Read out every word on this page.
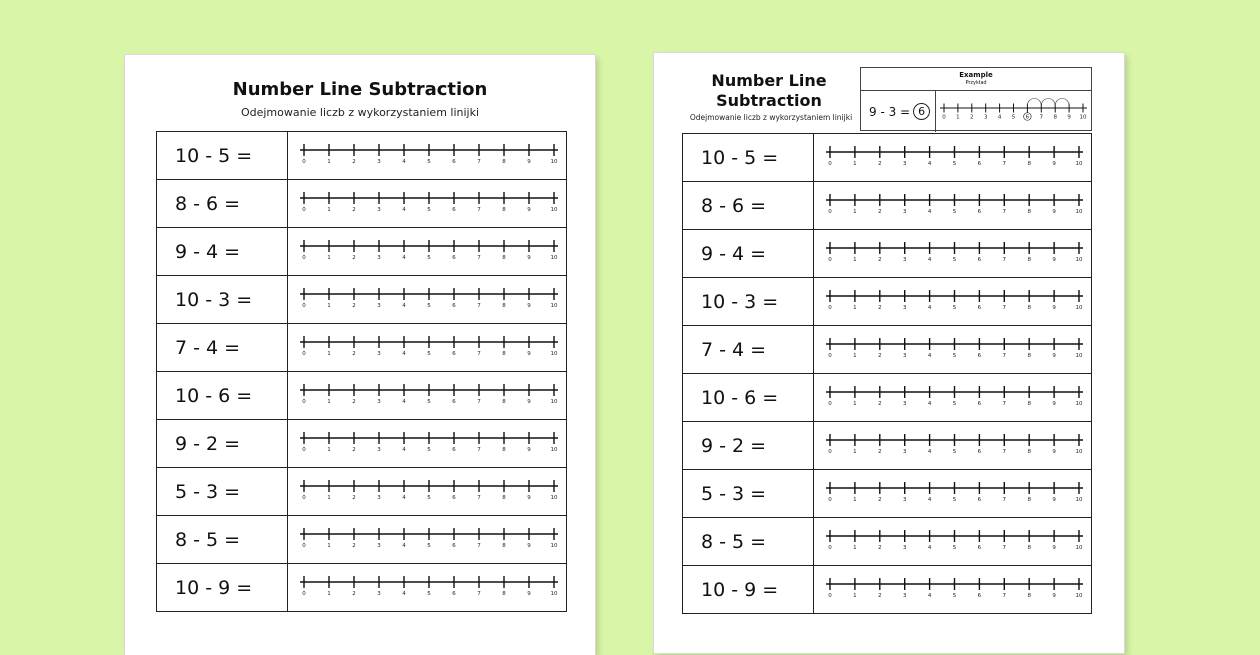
Number Line Subtraction
Odejmowanie liczb z wykorzystaniem linijki
10 - 5 =	0	1	2	3	4	5	6	7	8	9	10
8 - 6 =	0	1	2	3	4	5	6	7	8	9	10
9 - 4 =	0	1	2	3	4	5	6	7	8	9	10
10 - 3 =	0	1	2	3	4	5	6	7	8	9	10
7 - 4 =	0	1	2	3	4	5	6	7	8	9	10
10 - 6 =	0	1	2	3	4	5	6	7	8	9	10
9 - 2 =	0	1	2	3	4	5	6	7	8	9	10
5 - 3 =	0	1	2	3	4	5	6	7	8	9	10
8 - 5 =	0	1	2	3	4	5	6	7	8	9	10
10 - 9 =	0	1	2	3	4	5	6	7	8	9	10
Number Line Subtraction
Odejmowanie liczb z wykorzystaniem linijki
Example
Przykład
9 - 3 = 6	0 1 2 3 4 5 6 7 8 9 10
10 - 5 =	0	1	2	3	4	5	6	7	8	9	10
8 - 6 =	0	1	2	3	4	5	6	7	8	9	10
9 - 4 =	0	1	2	3	4	5	6	7	8	9	10
10 - 3 =	0	1	2	3	4	5	6	7	8	9	10
7 - 4 =	0	1	2	3	4	5	6	7	8	9	10
10 - 6 =	0	1	2	3	4	5	6	7	8	9	10
9 - 2 =	0	1	2	3	4	5	6	7	8	9	10
5 - 3 =	0	1	2	3	4	5	6	7	8	9	10
8 - 5 =	0	1	2	3	4	5	6	7	8	9	10
10 - 9 =	0	1	2	3	4	5	6	7	8	9	10
